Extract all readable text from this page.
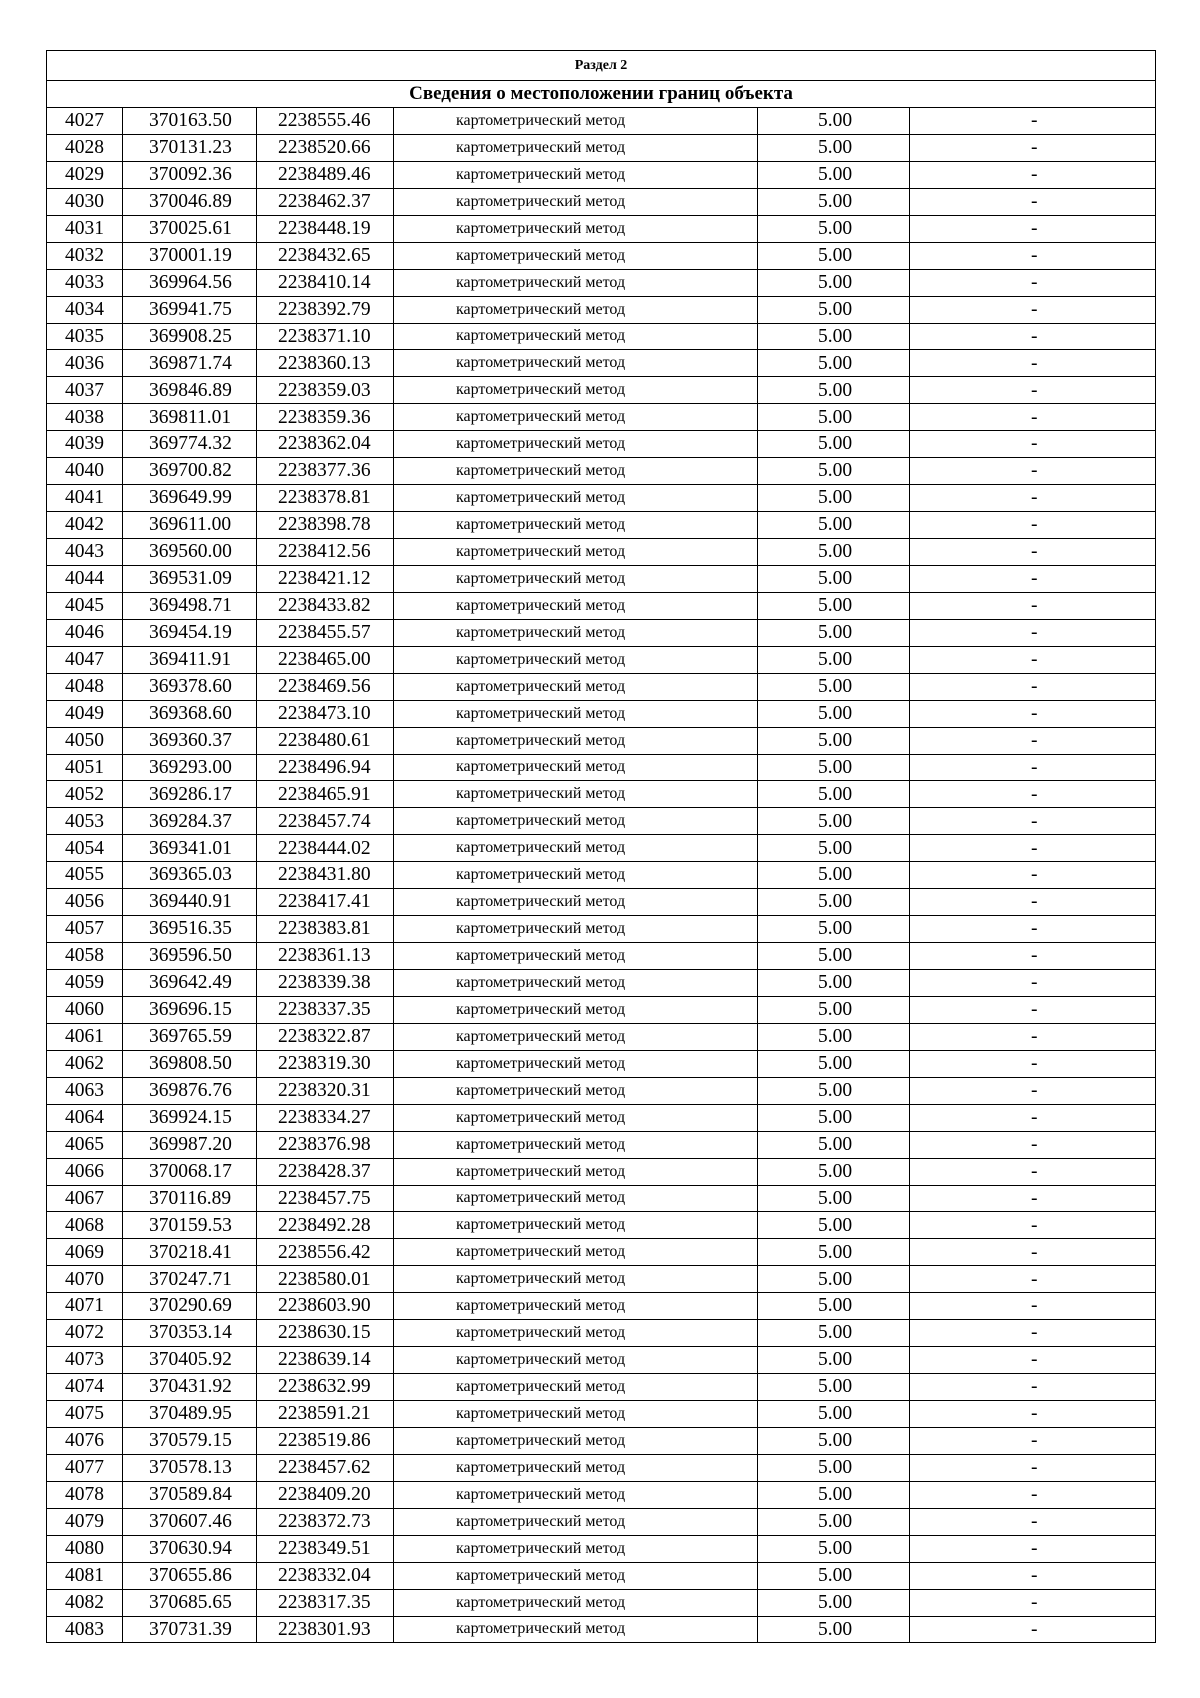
Раздел 2					
Сведения о местоположении границ объекта					
4027	370163.50	2238555.46	картометрический метод	5.00	-
4028	370131.23	2238520.66	картометрический метод	5.00	-
4029	370092.36	2238489.46	картометрический метод	5.00	-
4030	370046.89	2238462.37	картометрический метод	5.00	-
4031	370025.61	2238448.19	картометрический метод	5.00	-
4032	370001.19	2238432.65	картометрический метод	5.00	-
4033	369964.56	2238410.14	картометрический метод	5.00	-
4034	369941.75	2238392.79	картометрический метод	5.00	-
4035	369908.25	2238371.10	картометрический метод	5.00	-
4036	369871.74	2238360.13	картометрический метод	5.00	-
4037	369846.89	2238359.03	картометрический метод	5.00	-
4038	369811.01	2238359.36	картометрический метод	5.00	-
4039	369774.32	2238362.04	картометрический метод	5.00	-
4040	369700.82	2238377.36	картометрический метод	5.00	-
4041	369649.99	2238378.81	картометрический метод	5.00	-
4042	369611.00	2238398.78	картометрический метод	5.00	-
4043	369560.00	2238412.56	картометрический метод	5.00	-
4044	369531.09	2238421.12	картометрический метод	5.00	-
4045	369498.71	2238433.82	картометрический метод	5.00	-
4046	369454.19	2238455.57	картометрический метод	5.00	-
4047	369411.91	2238465.00	картометрический метод	5.00	-
4048	369378.60	2238469.56	картометрический метод	5.00	-
4049	369368.60	2238473.10	картометрический метод	5.00	-
4050	369360.37	2238480.61	картометрический метод	5.00	-
4051	369293.00	2238496.94	картометрический метод	5.00	-
4052	369286.17	2238465.91	картометрический метод	5.00	-
4053	369284.37	2238457.74	картометрический метод	5.00	-
4054	369341.01	2238444.02	картометрический метод	5.00	-
4055	369365.03	2238431.80	картометрический метод	5.00	-
4056	369440.91	2238417.41	картометрический метод	5.00	-
4057	369516.35	2238383.81	картометрический метод	5.00	-
4058	369596.50	2238361.13	картометрический метод	5.00	-
4059	369642.49	2238339.38	картометрический метод	5.00	-
4060	369696.15	2238337.35	картометрический метод	5.00	-
4061	369765.59	2238322.87	картометрический метод	5.00	-
4062	369808.50	2238319.30	картометрический метод	5.00	-
4063	369876.76	2238320.31	картометрический метод	5.00	-
4064	369924.15	2238334.27	картометрический метод	5.00	-
4065	369987.20	2238376.98	картометрический метод	5.00	-
4066	370068.17	2238428.37	картометрический метод	5.00	-
4067	370116.89	2238457.75	картометрический метод	5.00	-
4068	370159.53	2238492.28	картометрический метод	5.00	-
4069	370218.41	2238556.42	картометрический метод	5.00	-
4070	370247.71	2238580.01	картометрический метод	5.00	-
4071	370290.69	2238603.90	картометрический метод	5.00	-
4072	370353.14	2238630.15	картометрический метод	5.00	-
4073	370405.92	2238639.14	картометрический метод	5.00	-
4074	370431.92	2238632.99	картометрический метод	5.00	-
4075	370489.95	2238591.21	картометрический метод	5.00	-
4076	370579.15	2238519.86	картометрический метод	5.00	-
4077	370578.13	2238457.62	картометрический метод	5.00	-
4078	370589.84	2238409.20	картометрический метод	5.00	-
4079	370607.46	2238372.73	картометрический метод	5.00	-
4080	370630.94	2238349.51	картометрический метод	5.00	-
4081	370655.86	2238332.04	картометрический метод	5.00	-
4082	370685.65	2238317.35	картометрический метод	5.00	-
4083	370731.39	2238301.93	картометрический метод	5.00	-
